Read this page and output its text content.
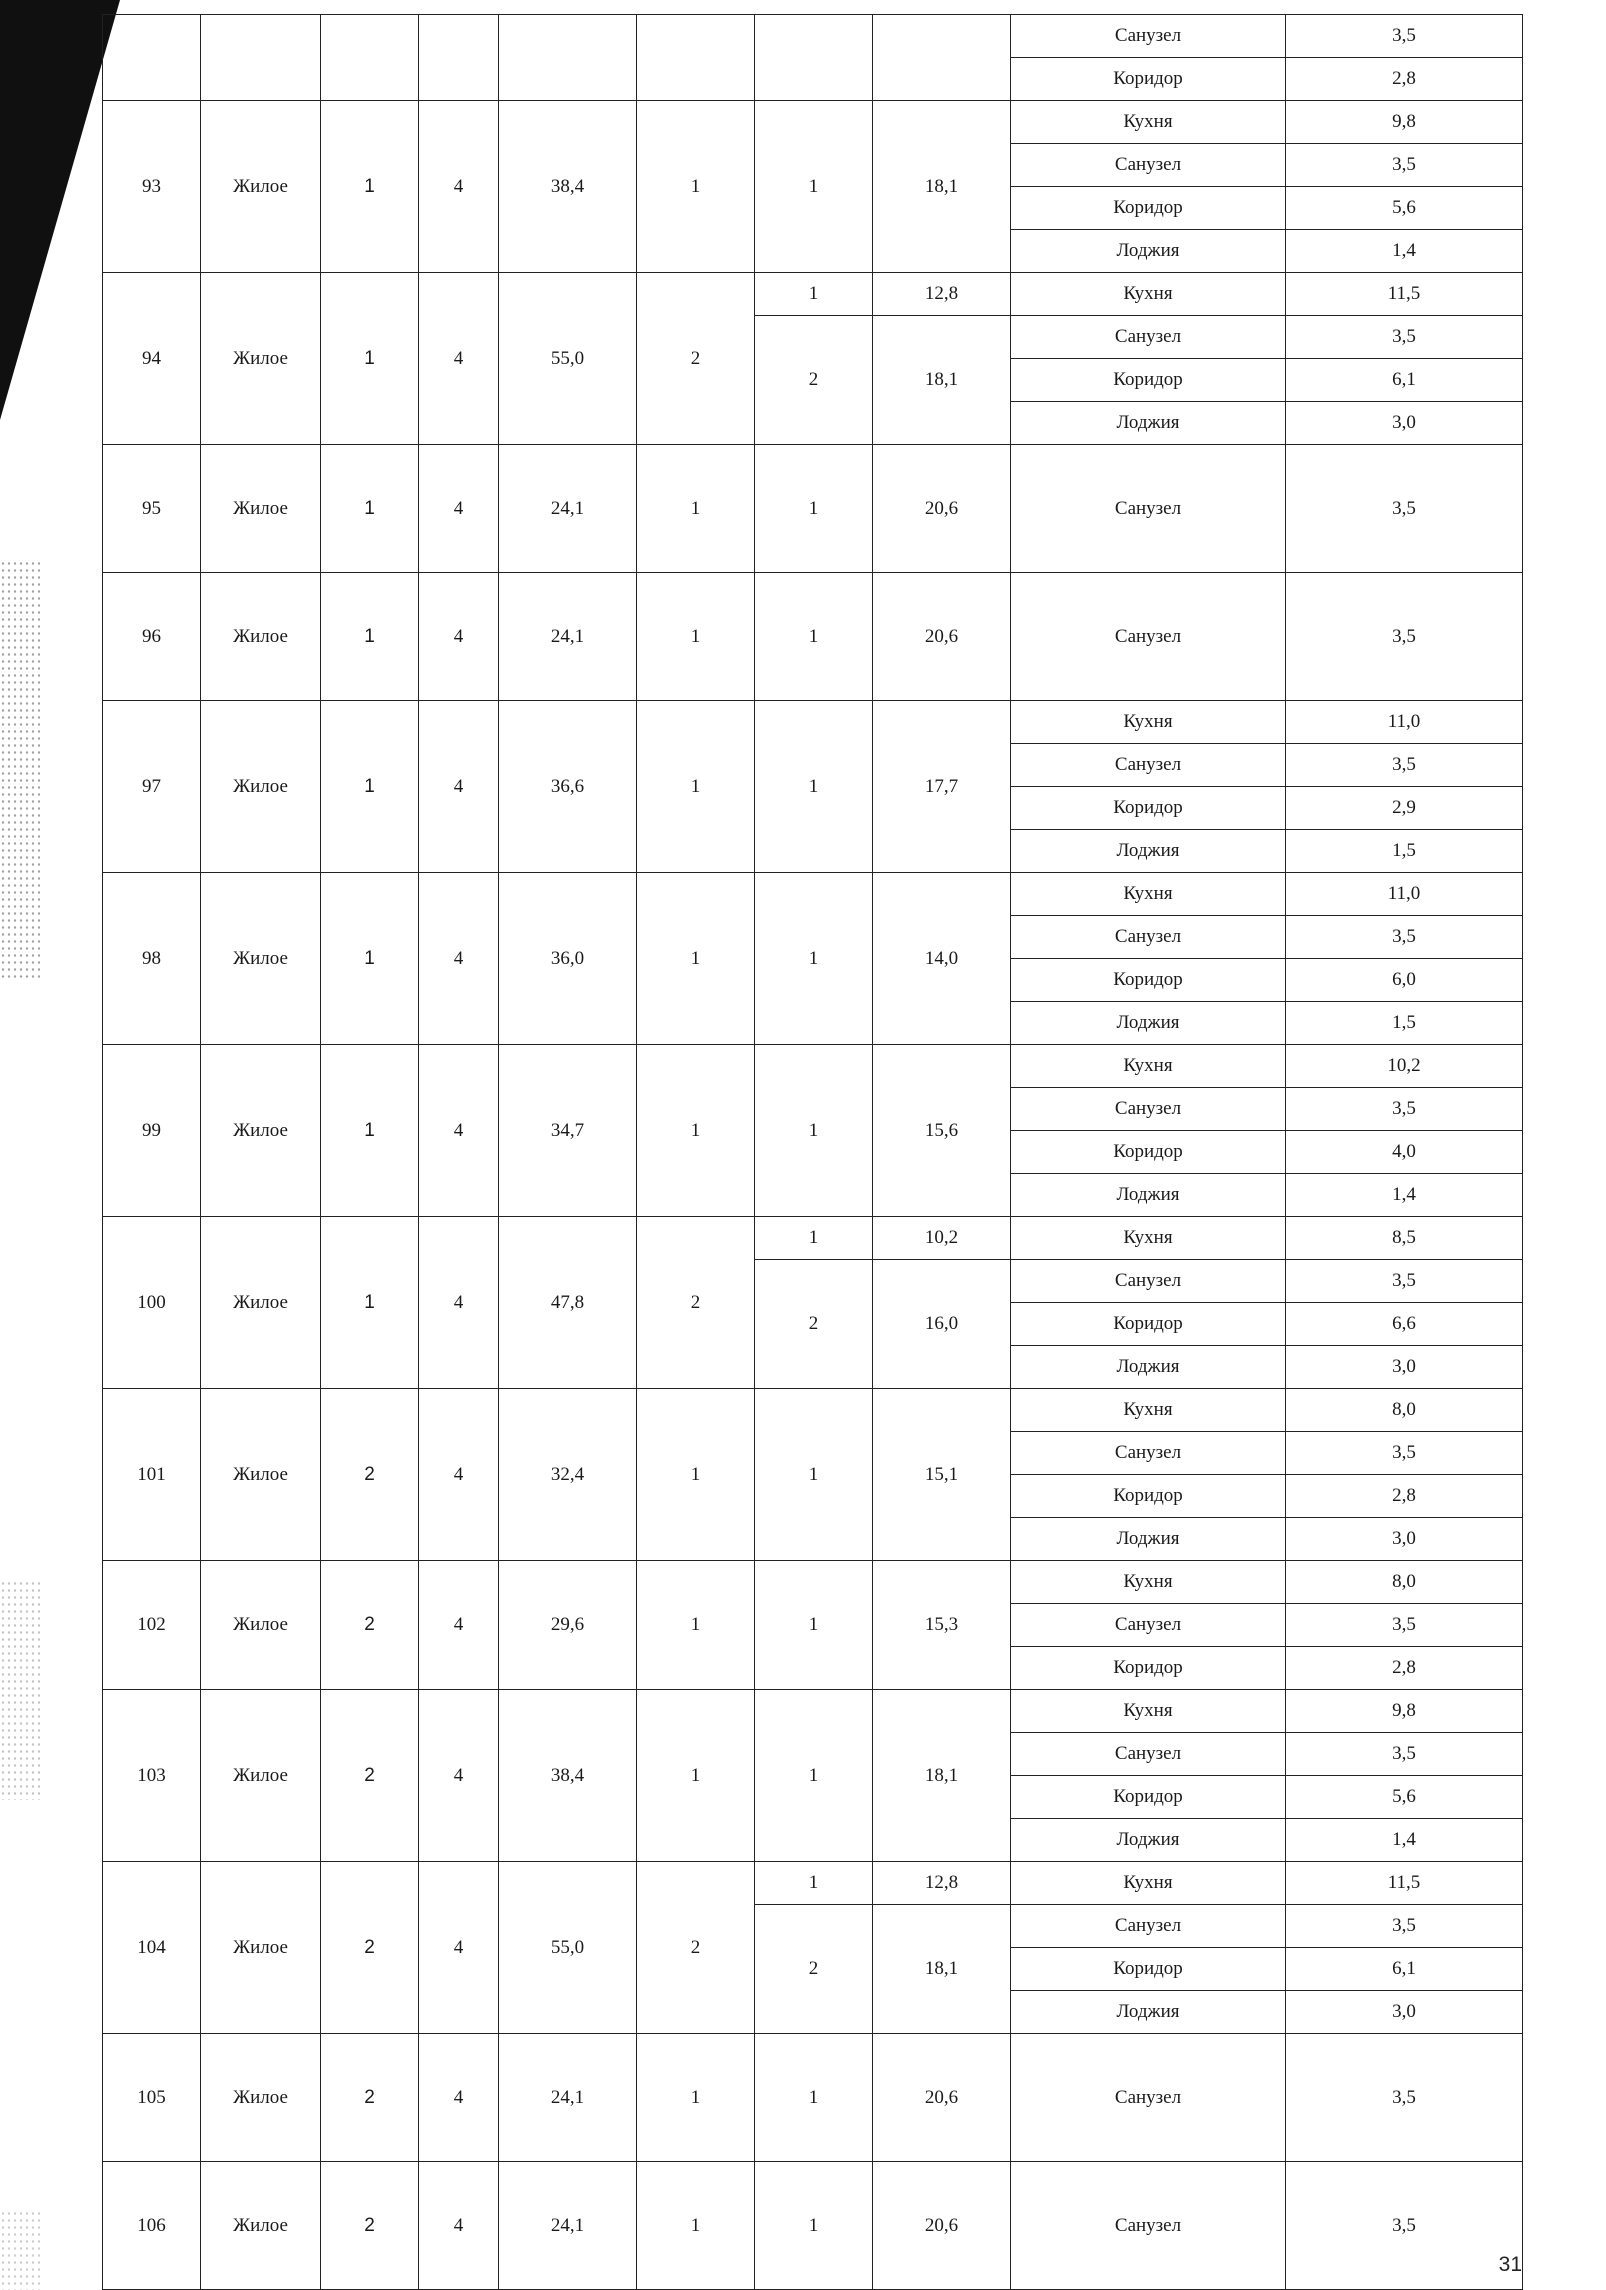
								Санузел	3,5
								Коридор	2,8
93	Жилое	1	4	38,4	1	1	18,1	Кухня	9,8
								Санузел	3,5
								Коридор	5,6
								Лоджия	1,4
94	Жилое	1	4	55,0	2	1	12,8	Кухня	11,5
						2	18,1	Санузел	3,5
								Коридор	6,1
								Лоджия	3,0
95	Жилое	1	4	24,1	1	1	20,6	Санузел	3,5
96	Жилое	1	4	24,1	1	1	20,6	Санузел	3,5
97	Жилое	1	4	36,6	1	1	17,7	Кухня	11,0
								Санузел	3,5
								Коридор	2,9
								Лоджия	1,5
98	Жилое	1	4	36,0	1	1	14,0	Кухня	11,0
								Санузел	3,5
								Коридор	6,0
								Лоджия	1,5
99	Жилое	1	4	34,7	1	1	15,6	Кухня	10,2
								Санузел	3,5
								Коридор	4,0
								Лоджия	1,4
100	Жилое	1	4	47,8	2	1	10,2	Кухня	8,5
						2	16,0	Санузел	3,5
								Коридор	6,6
								Лоджия	3,0
101	Жилое	2	4	32,4	1	1	15,1	Кухня	8,0
								Санузел	3,5
								Коридор	2,8
								Лоджия	3,0
102	Жилое	2	4	29,6	1	1	15,3	Кухня	8,0
								Санузел	3,5
								Коридор	2,8
103	Жилое	2	4	38,4	1	1	18,1	Кухня	9,8
								Санузел	3,5
								Коридор	5,6
								Лоджия	1,4
104	Жилое	2	4	55,0	2	1	12,8	Кухня	11,5
						2	18,1	Санузел	3,5
								Коридор	6,1
								Лоджия	3,0
105	Жилое	2	4	24,1	1	1	20,6	Санузел	3,5
106	Жилое	2	4	24,1	1	1	20,6	Санузел	3,5
31
